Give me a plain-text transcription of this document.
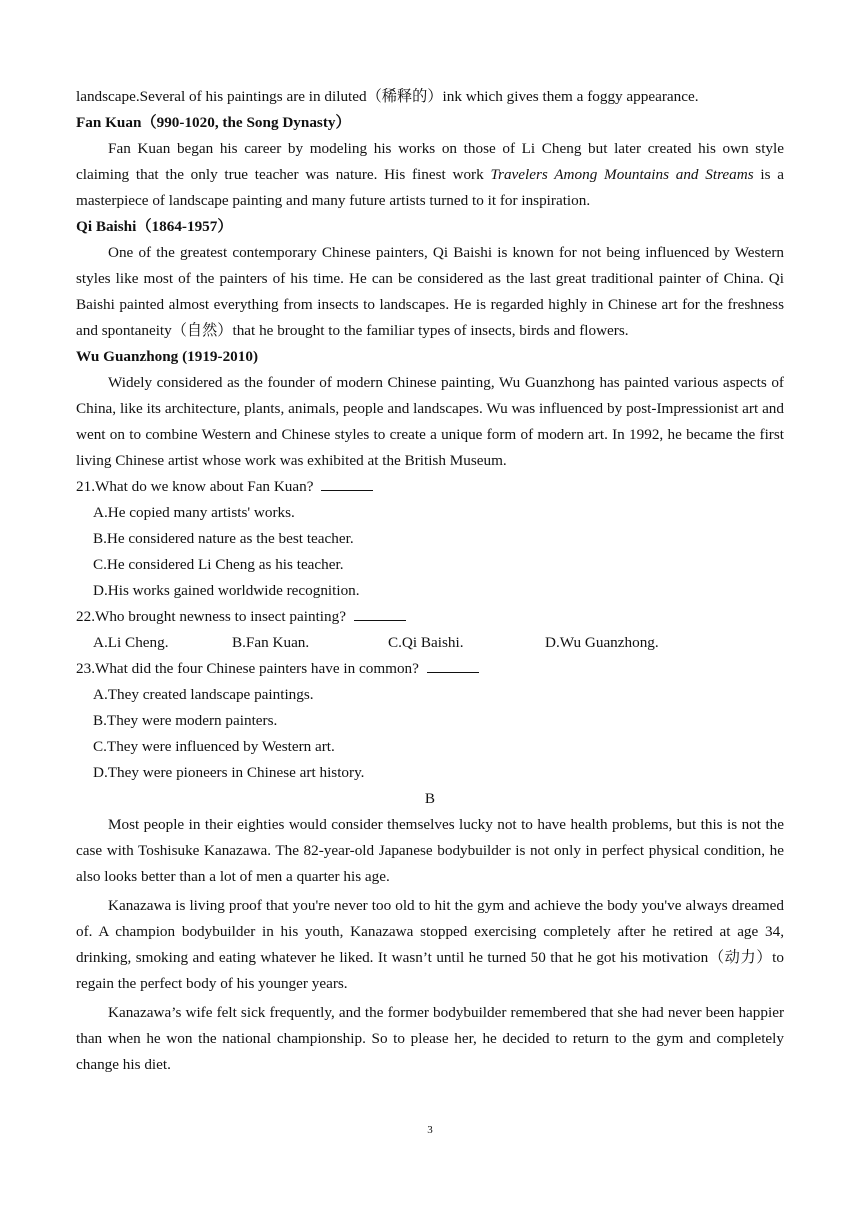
landscape.Several of his paintings are in diluted（稀释的）ink which gives them a foggy appearance.

Fan Kuan（990-1020, the Song Dynasty）

Fan Kuan began his career by modeling his works on those of Li Cheng but later created his own style claiming that the only true teacher was nature. His finest work Travelers Among Mountains and Streams is a masterpiece of landscape painting and many future artists turned to it for inspiration.

Qi Baishi（1864-1957）

One of the greatest contemporary Chinese painters, Qi Baishi is known for not being influenced by Western styles like most of the painters of his time. He can be considered as the last great traditional painter of China. Qi Baishi painted almost everything from insects to landscapes. He is regarded highly in Chinese art for the freshness and spontaneity（自然）that he brought to the familiar types of insects, birds and flowers.

Wu Guanzhong (1919-2010)

Widely considered as the founder of modern Chinese painting, Wu Guanzhong has painted various aspects of China, like its architecture, plants, animals, people and landscapes. Wu was influenced by post-Impressionist art and went on to combine Western and Chinese styles to create a unique form of modern art. In 1992, he became the first living Chinese artist whose work was exhibited at the British Museum.

21.What do we know about Fan Kuan?

A.He copied many artists' works.

B.He considered nature as the best teacher.

C.He considered Li Cheng as his teacher.

D.His works gained worldwide recognition.

22.Who brought newness to insect painting?

A.Li Cheng.	B.Fan Kuan.	C.Qi Baishi.	D.Wu Guanzhong.

23.What did the four Chinese painters have in common?

A.They created landscape paintings.

B.They were modern painters.

C.They were influenced by Western art.

D.They were pioneers in Chinese art history.

B

Most people in their eighties would consider themselves lucky not to have health problems, but this is not the case with Toshisuke Kanazawa. The 82-year-old Japanese bodybuilder is not only in perfect physical condition, he also looks better than a lot of men a quarter his age.

Kanazawa is living proof that you're never too old to hit the gym and achieve the body you've always dreamed of. A champion bodybuilder in his youth, Kanazawa stopped exercising completely after he retired at age 34, drinking, smoking and eating whatever he liked. It wasn’t until he turned 50 that he got his motivation（动力）to regain the perfect body of his younger years.

Kanazawa’s wife felt sick frequently, and the former bodybuilder remembered that she had never been happier than when he won the national championship. So to please her, he decided to return to the gym and completely change his diet.

3
